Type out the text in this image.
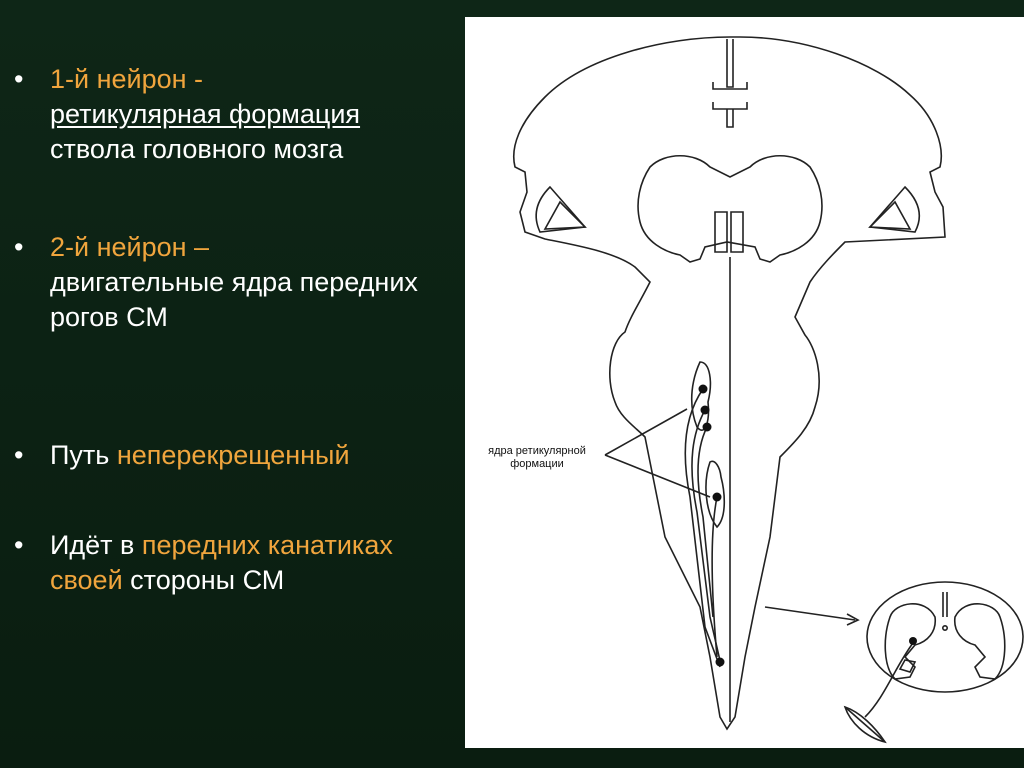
• 1-й нейрон -
ретикулярная формация
ствола головного мозга
• 2-й нейрон –
двигательные ядра передних рогов СМ
• Путь неперекрещенный
• Идёт в передних канатиках своей стороны СМ
ядра ретикулярной
формации
